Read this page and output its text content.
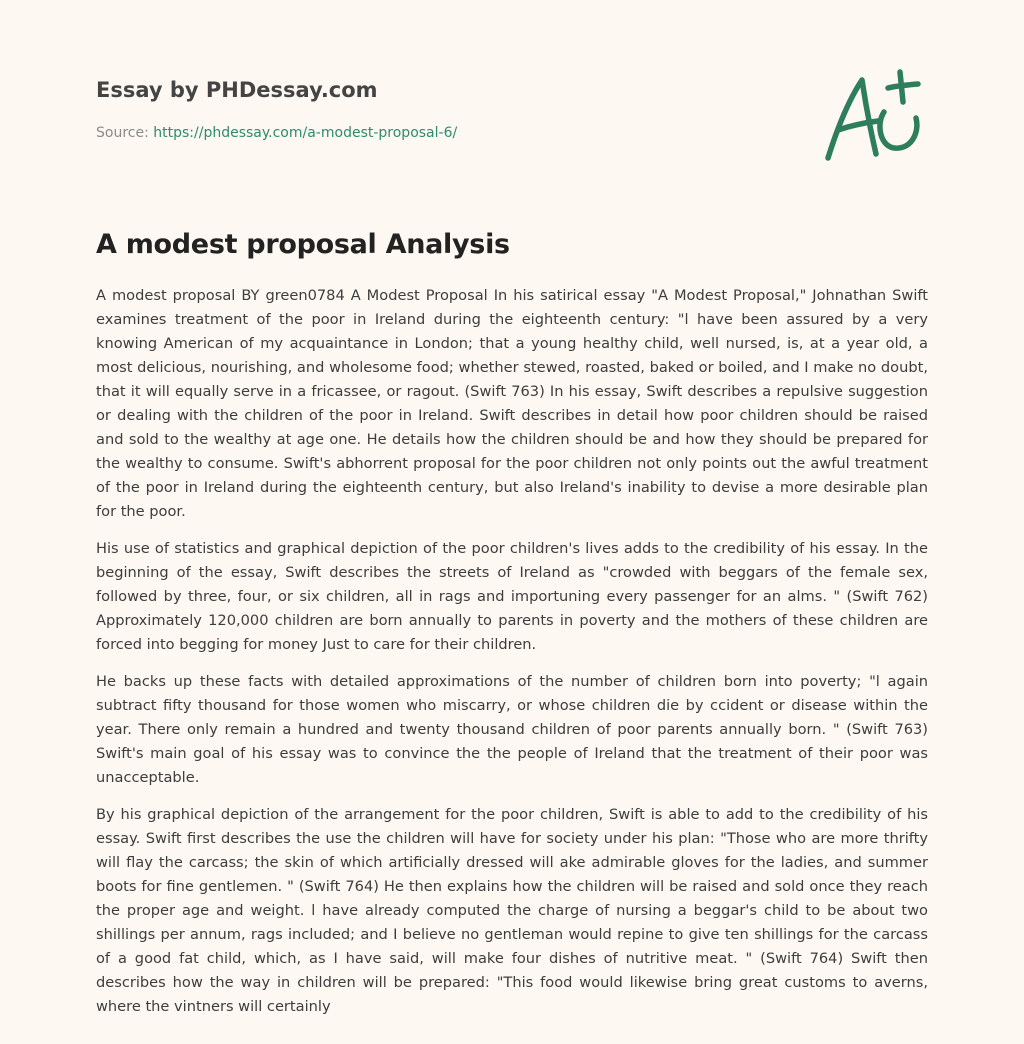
Essay by PHDessay.com
Source: https://phdessay.com/a-modest-proposal-6/
A modest proposal Analysis

A modest proposal BY green0784 A Modest Proposal In his satirical essay "A Modest Proposal," Johnathan Swift examines treatment of the poor in Ireland during the eighteenth century: "l have been assured by a very knowing American of my acquaintance in London; that a young healthy child, well nursed, is, at a year old, a most delicious, nourishing, and wholesome food; whether stewed, roasted, baked or boiled, and I make no doubt, that it will equally serve in a fricassee, or ragout. (Swift 763) In his essay, Swift describes a repulsive suggestion or dealing with the children of the poor in Ireland. Swift describes in detail how poor children should be raised and sold to the wealthy at age one. He details how the children should be and how they should be prepared for the wealthy to consume. Swift's abhorrent proposal for the poor children not only points out the awful treatment of the poor in Ireland during the eighteenth century, but also Ireland's inability to devise a more desirable plan for the poor.

His use of statistics and graphical depiction of the poor children's lives adds to the credibility of his essay. In the beginning of the essay, Swift describes the streets of Ireland as "crowded with beggars of the female sex, followed by three, four, or six children, all in rags and importuning every passenger for an alms. " (Swift 762) Approximately 120,000 children are born annually to parents in poverty and the mothers of these children are forced into begging for money Just to care for their children.

He backs up these facts with detailed approximations of the number of children born into poverty; "l again subtract fifty thousand for those women who miscarry, or whose children die by ccident or disease within the year. There only remain a hundred and twenty thousand children of poor parents annually born. " (Swift 763) Swift's main goal of his essay was to convince the the people of Ireland that the treatment of their poor was unacceptable.

By his graphical depiction of the arrangement for the poor children, Swift is able to add to the credibility of his essay. Swift first describes the use the children will have for society under his plan: "Those who are more thrifty will flay the carcass; the skin of which artificially dressed will ake admirable gloves for the ladies, and summer boots for fine gentlemen. " (Swift 764) He then explains how the children will be raised and sold once they reach the proper age and weight. l have already computed the charge of nursing a beggar's child to be about two shillings per annum, rags included; and I believe no gentleman would repine to give ten shillings for the carcass of a good fat child, which, as I have said, will make four dishes of nutritive meat. " (Swift 764) Swift then describes how the way in children will be prepared: "This food would likewise bring great customs to averns, where the vintners will certainly
